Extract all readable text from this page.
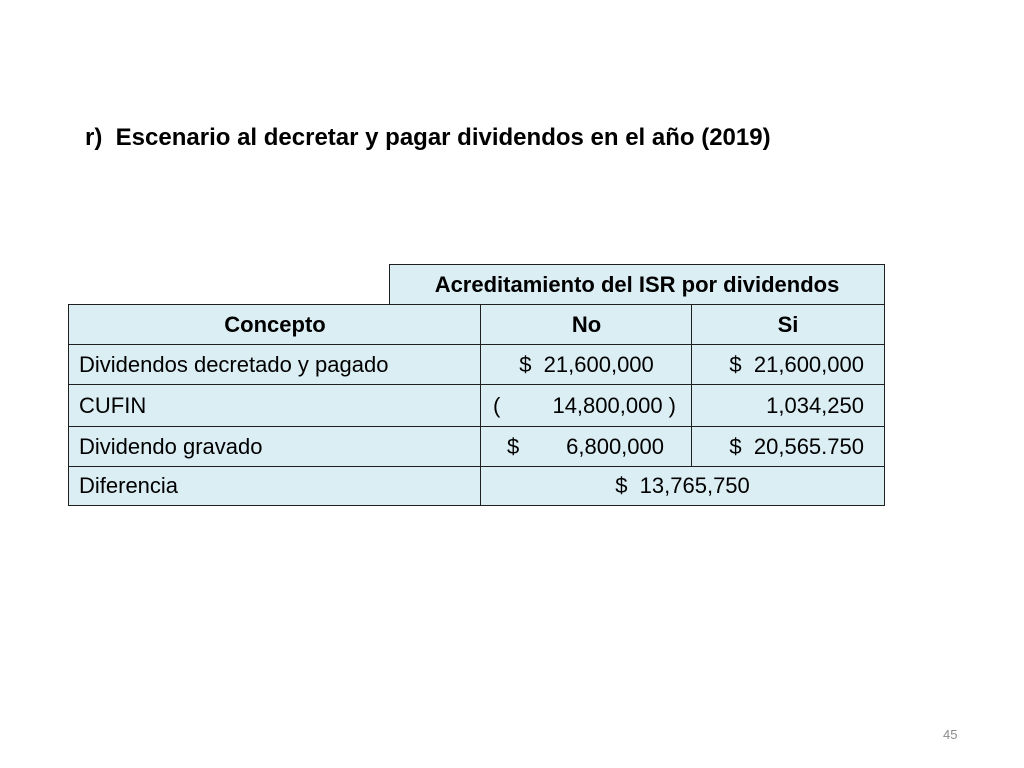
r)  Escenario al decretar y pagar dividendos en el año (2019)
Acreditamiento del ISR por dividendos
Concepto	No	Si
Dividendos decretado y pagado	$  21,600,000	$  21,600,000
CUFIN	( 14,800,000 )	1,034,250
Dividendo gravado	$ 6,800,000	$  20,565.750
Diferencia	$  13,765,750
45
